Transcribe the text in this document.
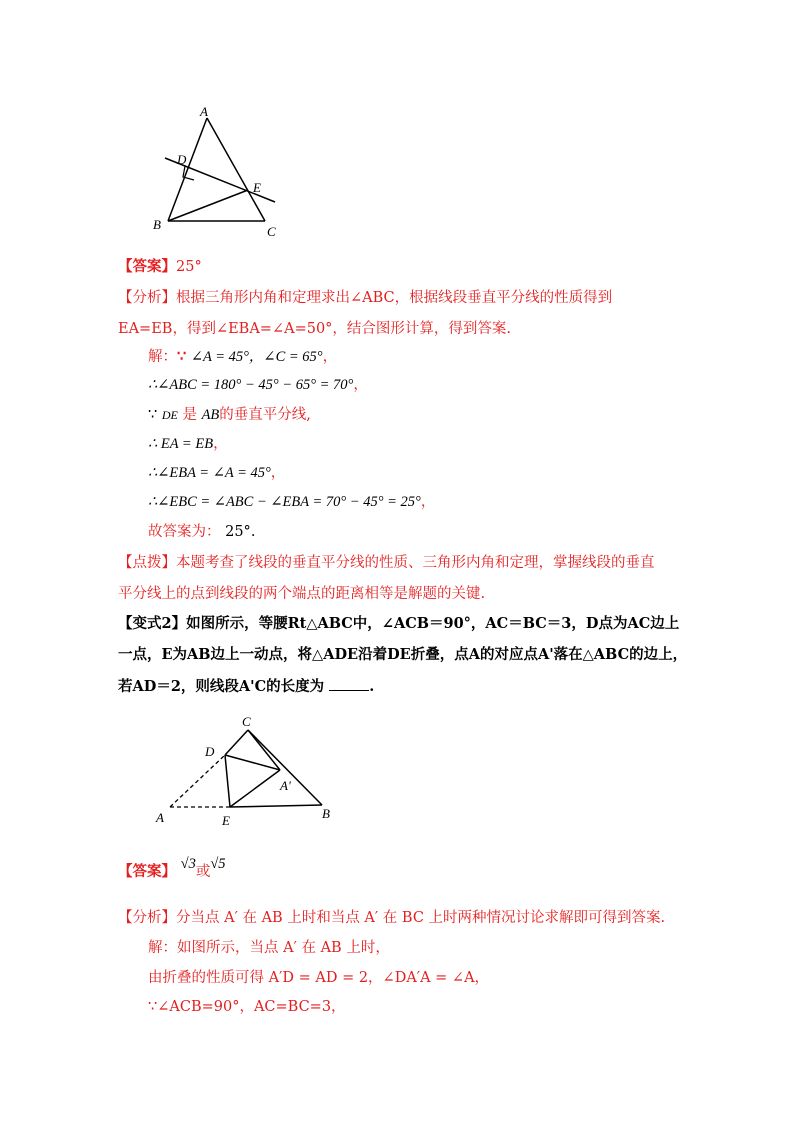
A
D
E
B	C
【答案】25°
【分析】根据三角形内角和定理求出∠ABC，根据线段垂直平分线的性质得到
EA=EB，得到∠EBA=∠A=50°，结合图形计算，得到答案.
解：∵ ∠A = 45°，∠C = 65°，
∴∠ABC = 180° − 45° − 65° = 70°，
∵ DE 是 AB的垂直平分线,
∴ EA = EB，
∴∠EBA = ∠A = 45°，
∴∠EBC = ∠ABC − ∠EBA = 70° − 45° = 25°，
故答案为： 25°.
【点拨】本题考查了线段的垂直平分线的性质、三角形内角和定理，掌握线段的垂直
平分线上的点到线段的两个端点的距离相等是解题的关键.
【变式2】如图所示，等腰Rt△ABC中，∠ACB＝90°，AC＝BC＝3，D点为AC边上
一点，E为AB边上一动点，将△ADE沿着DE折叠，点A的对应点A'落在△ABC的边上，
若AD＝2，则线段A'C的长度为	.
C
D
A'
B
A	E
【答案】 √3或√5
【分析】分当点 A′ 在 AB 上时和当点 A′ 在 BC 上时两种情况讨论求解即可得到答案.
解：如图所示，当点 A′ 在 AB 上时，
由折叠的性质可得 A′D = AD = 2，∠DA′A = ∠A，
∵∠ACB=90°，AC=BC=3，
